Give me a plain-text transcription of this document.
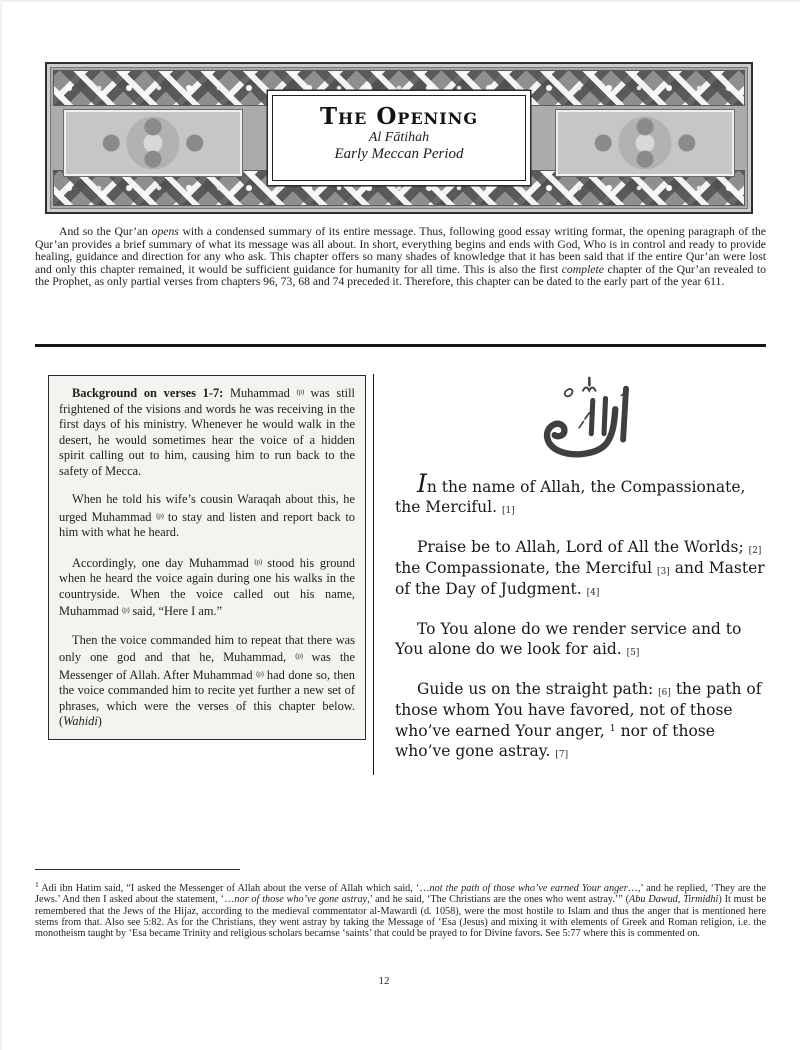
The Opening
Al Fātihah
Early Meccan Period

And so the Qur’an opens with a condensed summary of its entire message. Thus, following good essay writing format, the opening paragraph of the Qur’an provides a brief summary of what its message was all about. In short, everything begins and ends with God, Who is in control and ready to provide healing, guidance and direction for any who ask. This chapter offers so many shades of knowledge that it has been said that if the entire Qur’an were lost and only this chapter remained, it would be sufficient guidance for humanity for all time. This is also the first complete chapter of the Qur’an revealed to the Prophet, as only partial verses from chapters 96, 73, 68 and 74 preceded it. Therefore, this chapter can be dated to the early part of the year 611.

Background on verses 1-7: Muhammad $^{(p)}$ was still frightened of the visions and words he was receiving in the first days of his ministry. Whenever he would walk in the desert, he would sometimes hear the voice of a hidden spirit calling out to him, causing him to run back to the safety of Mecca.

When he told his wife’s cousin Waraqah about this, he urged Muhammad $^{(p)}$ to stay and listen and report back to him with what he heard.

Accordingly, one day Muhammad $^{(p)}$ stood his ground when he heard the voice again during one his walks in the countryside. When the voice called out his name, Muhammad $^{(p)}$ said, “Here I am.”

Then the voice commanded him to repeat that there was only one god and that he, Muhammad, $^{(p)}$ was the Messenger of Allah. After Muhammad $^{(p)}$ had done so, then the voice commanded him to recite yet further a new set of phrases, which were the verses of this chapter below. (Wahidi)

In the name of Allah, the Compassionate, the Merciful. [1]

Praise be to Allah, Lord of All the Worlds; [2] the Compassionate, the Merciful [3] and Master of the Day of Judgment. [4]

To You alone do we render service and to You alone do we look for aid. [5]

Guide us on the straight path: [6] the path of those whom You have favored, not of those who’ve earned Your anger, $^1$ nor of those who’ve gone astray. [7]

$^1$ Adi ibn Hatim said, “I asked the Messenger of Allah about the verse of Allah which said, ‘…not the path of those who’ve earned Your anger…,’ and he replied, ‘They are the Jews.’ And then I asked about the statement, ‘…nor of those who’ve gone astray,’ and he said, ‘The Christians are the ones who went astray.’” (Abu Dawud, Tirmidhi) It must be remembered that the Jews of the Hijaz, according to the medieval commentator al-Mawardi (d. 1058), were the most hostile to Islam and thus the anger that is mentioned here stems from that. Also see 5:82. As for the Christians, they went astray by taking the Message of ‘Esa (Jesus) and mixing it with elements of Greek and Roman religion, i.e. the monotheism taught by ‘Esa became Trinity and religious scholars becamse ‘saints’ that could be prayed to for Divine favors. See 5:77 where this is commented on.
12
